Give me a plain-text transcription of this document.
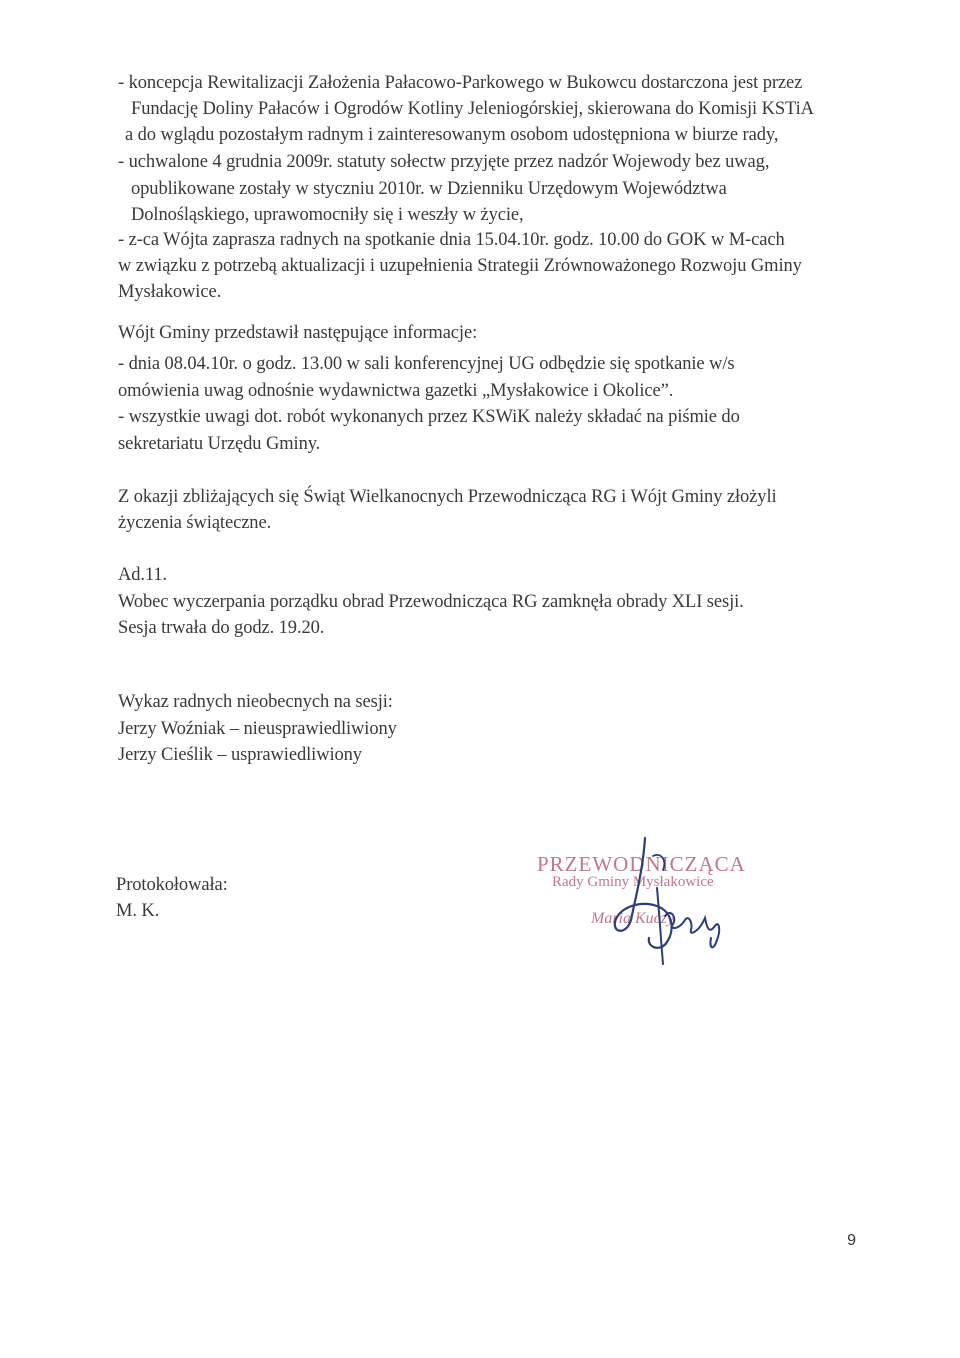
- koncepcja Rewitalizacji Założenia Pałacowo-Parkowego w Bukowcu dostarczona jest przez
Fundację Doliny Pałaców i Ogrodów Kotliny Jeleniogórskiej, skierowana do Komisji KSTiA
a do wglądu pozostałym radnym i zainteresowanym osobom udostępniona w biurze rady,
- uchwalone 4 grudnia 2009r. statuty sołectw przyjęte przez nadzór Wojewody bez uwag,
opublikowane zostały w styczniu 2010r. w Dzienniku Urzędowym Województwa
Dolnośląskiego, uprawomocniły się i weszły w życie,
- z-ca Wójta zaprasza radnych na spotkanie dnia 15.04.10r. godz. 10.00 do GOK w M-cach
w związku z potrzebą aktualizacji i uzupełnienia Strategii Zrównoważonego Rozwoju Gminy
Mysłakowice.
Wójt Gminy przedstawił następujące informacje:
- dnia 08.04.10r. o godz. 13.00 w sali konferencyjnej UG odbędzie się spotkanie w/s
omówienia uwag odnośnie wydawnictwa gazetki „Mysłakowice i Okolice”.
- wszystkie uwagi dot. robót wykonanych przez KSWiK należy składać na piśmie do
sekretariatu Urzędu Gminy.
Z okazji zbliżających się Świąt Wielkanocnych Przewodnicząca RG i Wójt Gminy złożyli
życzenia świąteczne.
Ad.11.
Wobec wyczerpania porządku obrad Przewodnicząca RG zamknęła obrady XLI sesji.
Sesja trwała do godz. 19.20.
Wykaz radnych nieobecnych na sesji:
Jerzy Woźniak – nieusprawiedliwiony
Jerzy Cieślik – usprawiedliwiony
Protokołowała:
M. K.
PRZEWODNICZĄCA
Rady Gminy Mysłakowice
Maria Kuczy
9
